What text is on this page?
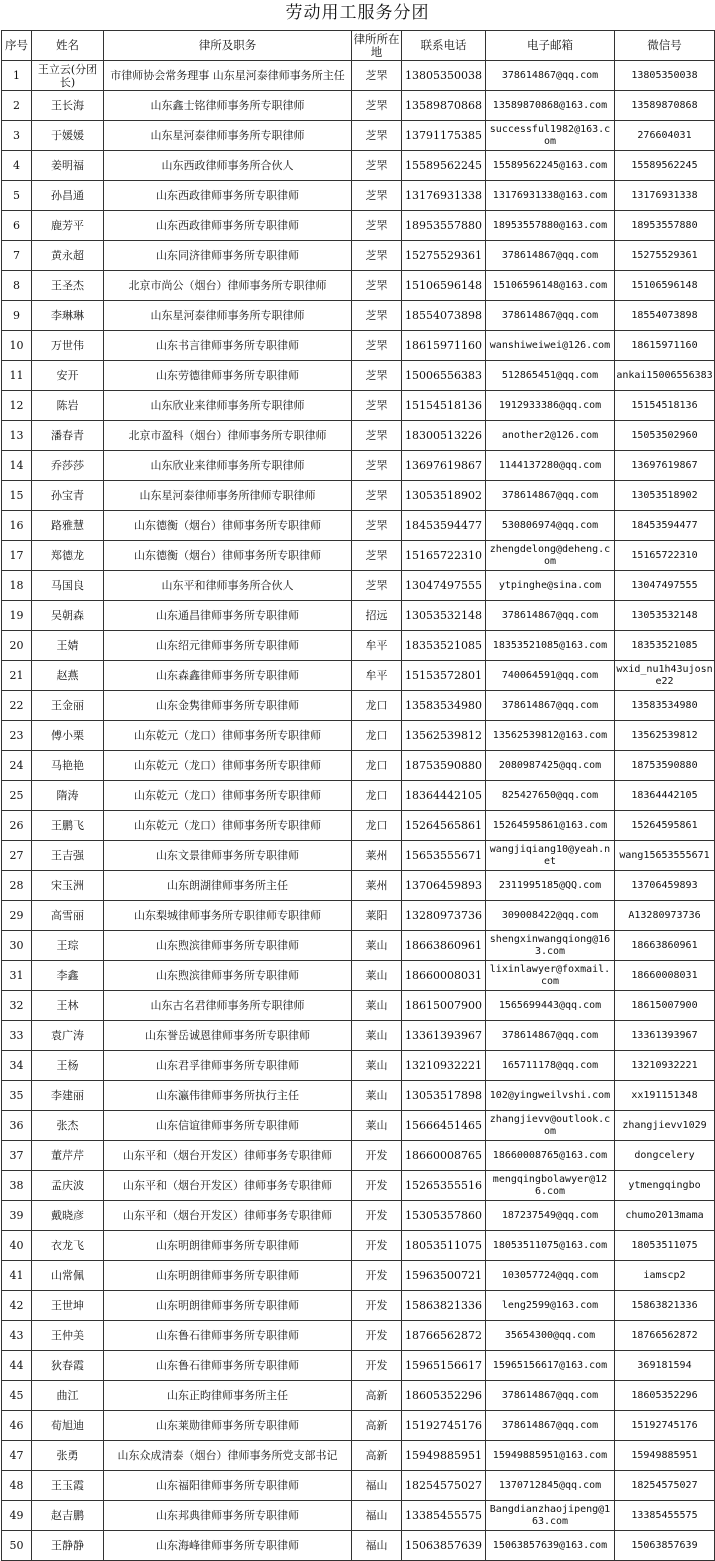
劳动用工服务分团
序号	姓名	律所及职务	律所所在地	联系电话	电子邮箱	微信号
1	王立云(分团长)	市律师协会常务理事 山东星河泰律师事务所主任	芝罘	13805350038	378614867@qq.com	13805350038
2	王长海	山东鑫士铭律师事务所专职律师	芝罘	13589870868	13589870868@163.com	13589870868
3	于媛媛	山东星河泰律师事务所专职律师	芝罘	13791175385	successful1982@163.com	276604031
4	姜明福	山东西政律师事务所合伙人	芝罘	15589562245	15589562245@163.com	15589562245
5	孙昌通	山东西政律师事务所专职律师	芝罘	13176931338	13176931338@163.com	13176931338
6	鹿芳平	山东西政律师事务所专职律师	芝罘	18953557880	18953557880@163.com	18953557880
7	黄永超	山东同济律师事务所专职律师	芝罘	15275529361	378614867@qq.com	15275529361
8	王圣杰	北京市尚公（烟台）律师事务所专职律师	芝罘	15106596148	15106596148@163.com	15106596148
9	李琳琳	山东星河泰律师事务所专职律师	芝罘	18554073898	378614867@qq.com	18554073898
10	万世伟	山东书言律师事务所专职律师	芝罘	18615971160	wanshiweiwei@126.com	18615971160
11	安开	山东劳德律师事务所专职律师	芝罘	15006556383	512865451@qq.com	ankai15006556383
12	陈岩	山东欣业来律师事务所专职律师	芝罘	15154518136	1912933386@qq.com	15154518136
13	潘春青	北京市盈科（烟台）律师事务所专职律师	芝罘	18300513226	another2@126.com	15053502960
14	乔莎莎	山东欣业来律师事务所专职律师	芝罘	13697619867	1144137280@qq.com	13697619867
15	孙宝青	山东星河泰律师事务所律师专职律师	芝罘	13053518902	378614867@qq.com	13053518902
16	路雅慧	山东德衡（烟台）律师事务所专职律师	芝罘	18453594477	530806974@qq.com	18453594477
17	郑德龙	山东德衡（烟台）律师事务所专职律师	芝罘	15165722310	zhengdelong@deheng.com	15165722310
18	马国良	山东平和律师事务所合伙人	芝罘	13047497555	ytpinghe@sina.com	13047497555
19	吴朝森	山东通昌律师事务所专职律师	招远	13053532148	378614867@qq.com	13053532148
20	王婧	山东绍元律师事务所专职律师	牟平	18353521085	18353521085@163.com	18353521085
21	赵燕	山东森鑫律师事务所专职律师	牟平	15153572801	740064591@qq.com	wxid_nu1h43ujosne22
22	王金丽	山东金隽律师事务所专职律师	龙口	13583534980	378614867@qq.com	13583534980
23	傅小栗	山东乾元（龙口）律师事务所专职律师	龙口	13562539812	13562539812@163.com	13562539812
24	马艳艳	山东乾元（龙口）律师事务所专职律师	龙口	18753590880	2080987425@qq.com	18753590880
25	隋涛	山东乾元（龙口）律师事务所专职律师	龙口	18364442105	825427650@qq.com	18364442105
26	王鹏飞	山东乾元（龙口）律师事务所专职律师	龙口	15264565861	15264595861@163.com	15264595861
27	王吉强	山东文景律师事务所专职律师	莱州	15653555671	wangjiqiang10@yeah.net	wang15653555671
28	宋玉洲	山东朗湖律师事务所主任	莱州	13706459893	2311995185@QQ.com	13706459893
29	高雪丽	山东梨城律师事务所专职律师专职律师	莱阳	13280973736	309008422@qq.com	A13280973736
30	王琮	山东煦滨律师事务所专职律师	莱山	18663860961	shengxinwangqiong@163.com	18663860961
31	李鑫	山东煦滨律师事务所专职律师	莱山	18660008031	lixinlawyer@foxmail.com	18660008031
32	王林	山东古名君律师事务所专职律师	莱山	18615007900	1565699443@qq.com	18615007900
33	袁广涛	山东誉岳诚恩律师事务所专职律师	莱山	13361393967	378614867@qq.com	13361393967
34	王杨	山东君孚律师事务所专职律师	莱山	13210932221	165711178@qq.com	13210932221
35	李建丽	山东瀛伟律师事务所执行主任	莱山	13053517898	102@yingweilvshi.com	xx191151348
36	张杰	山东信谊律师事务所专职律师	莱山	15666451465	zhangjievv@outlook.com	zhangjievv1029
37	董芹芹	山东平和（烟台开发区）律师事务专职律师	开发	18660008765	18660008765@163.com	dongcelery
38	孟庆波	山东平和（烟台开发区）律师事务专职律师	开发	15265355516	mengqingbolawyer@126.com	ytmengqingbo
39	戴晓彦	山东平和（烟台开发区）律师事务专职律师	开发	15305357860	187237549@qq.com	chumo2013mama
40	衣龙飞	山东明朗律师事务所专职律师	开发	18053511075	18053511075@163.com	18053511075
41	山常佩	山东明朗律师事务所专职律师	开发	15963500721	103057724@qq.com	iamscp2
42	王世坤	山东明朗律师事务所专职律师	开发	15863821336	leng2599@163.com	15863821336
43	王仲美	山东鲁石律师事务所专职律师	开发	18766562872	35654300@qq.com	18766562872
44	狄春霞	山东鲁石律师事务所专职律师	开发	15965156617	15965156617@163.com	369181594
45	曲江	山东正昀律师事务所主任	高新	18605352296	378614867@qq.com	18605352296
46	荀旭迪	山东莱勋律师事务所专职律师	高新	15192745176	378614867@qq.com	15192745176
47	张勇	山东众成清泰（烟台）律师事务所党支部书记	高新	15949885951	15949885951@163.com	15949885951
48	王玉霞	山东福阳律师事务所专职律师	福山	18254575027	1370712845@qq.com	18254575027
49	赵吉鹏	山东邦典律师事务所专职律师	福山	13385455575	Bangdianzhaojipeng@163.com	13385455575
50	王静静	山东海峰律师事务所专职律师	福山	15063857639	15063857639@163.com	15063857639
